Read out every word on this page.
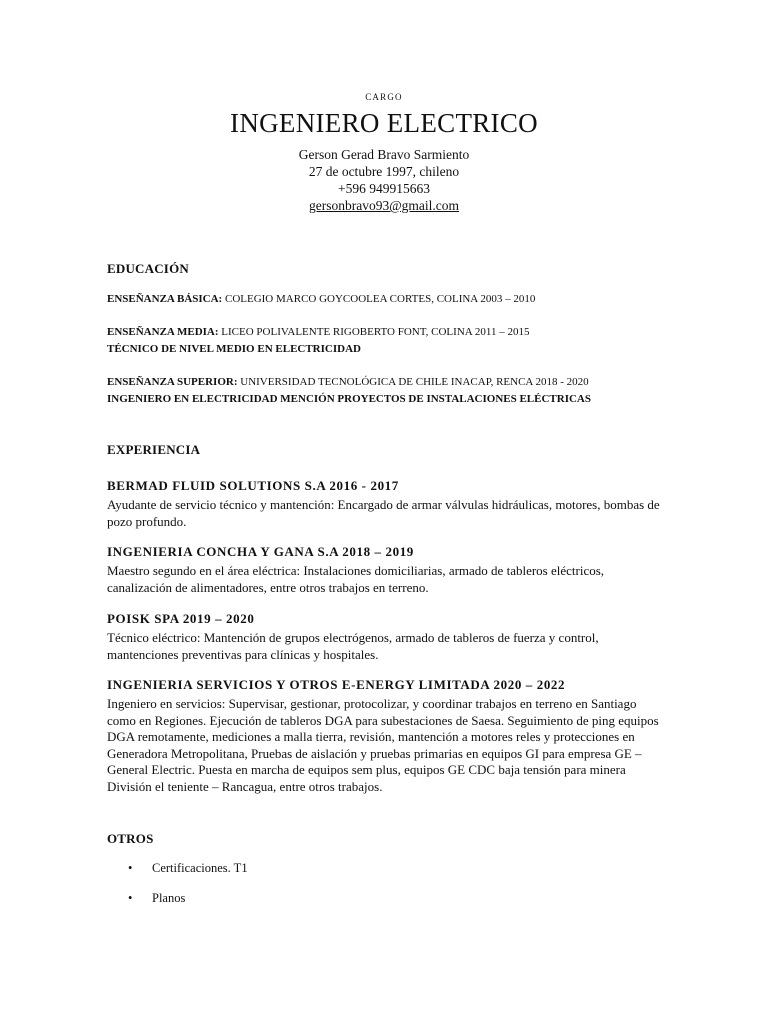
CARGO
INGENIERO ELECTRICO
Gerson Gerad Bravo Sarmiento
27 de octubre 1997, chileno
+596 949915663
gersonbravo93@gmail.com
EDUCACIÓN
ENSEÑANZA BÁSICA: COLEGIO MARCO GOYCOOLEA CORTES, COLINA 2003 – 2010
ENSEÑANZA MEDIA: LICEO POLIVALENTE RIGOBERTO FONT, COLINA 2011 – 2015
TÉCNICO DE NIVEL MEDIO EN ELECTRICIDAD
ENSEÑANZA SUPERIOR: UNIVERSIDAD TECNOLÓGICA DE CHILE INACAP, RENCA 2018 - 2020
INGENIERO EN ELECTRICIDAD MENCIÓN PROYECTOS DE INSTALACIONES ELÉCTRICAS
EXPERIENCIA
BERMAD FLUID SOLUTIONS S.A 2016 - 2017
Ayudante de servicio técnico y mantención: Encargado de armar válvulas hidráulicas, motores, bombas de pozo profundo.
INGENIERIA CONCHA Y GANA S.A 2018 – 2019
Maestro segundo en el área eléctrica: Instalaciones domiciliarias, armado de tableros eléctricos, canalización de alimentadores, entre otros trabajos en terreno.
POISK SPA 2019 – 2020
Técnico eléctrico: Mantención de grupos electrógenos, armado de tableros de fuerza y control, mantenciones preventivas para clínicas y hospitales.
INGENIERIA SERVICIOS Y OTROS E-ENERGY LIMITADA 2020 – 2022
Ingeniero en servicios: Supervisar, gestionar, protocolizar, y coordinar trabajos en terreno en Santiago como en Regiones. Ejecución de tableros DGA para subestaciones de Saesa. Seguimiento de ping equipos DGA remotamente, mediciones a malla tierra, revisión, mantención a motores reles y protecciones en Generadora Metropolitana, Pruebas de aislación y pruebas primarias en equipos GI para empresa GE – General Electric. Puesta en marcha de equipos sem plus, equipos GE CDC baja tensión para minera División el teniente – Rancagua, entre otros trabajos.
OTROS
• Certificaciones. T1
• Planos
